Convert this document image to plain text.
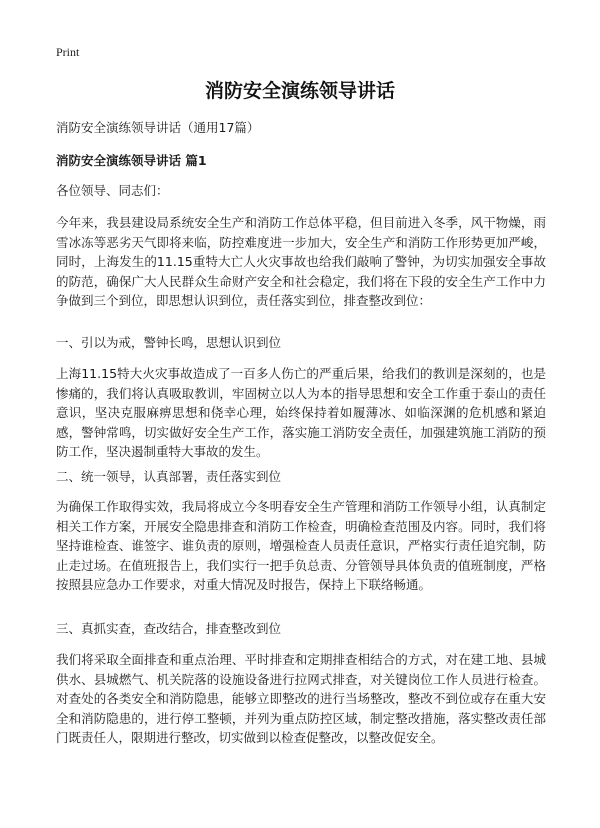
Print
消防安全演练领导讲话
消防安全演练领导讲话（通用17篇）
消防安全演练领导讲话 篇1
各位领导、同志们：

今年来，我县建设局系统安全生产和消防工作总体平稳，但目前进入冬季，风干物燥，雨雪冰冻等恶劣天气即将来临，防控难度进一步加大，安全生产和消防工作形势更加严峻，同时，上海发生的11.15重特大亡人火灾事故也给我们敲响了警钟，为切实加强安全事故的防范，确保广大人民群众生命财产安全和社会稳定，我们将在下段的安全生产工作中力争做到三个到位，即思想认识到位，责任落实到位，排查整改到位：

一、引以为戒，警钟长鸣，思想认识到位

上海11.15特大火灾事故造成了一百多人伤亡的严重后果，给我们的教训是深刻的，也是惨痛的，我们将认真吸取教训，牢固树立以人为本的指导思想和安全工作重于泰山的责任意识，坚决克服麻痹思想和侥幸心理，始终保持着如履薄冰、如临深渊的危机感和紧迫感，警钟常鸣，切实做好安全生产工作，落实施工消防安全责任，加强建筑施工消防的预防工作，坚决遏制重特大事故的发生。

二、统一领导，认真部署，责任落实到位

为确保工作取得实效，我局将成立今冬明春安全生产管理和消防工作领导小组，认真制定相关工作方案，开展安全隐患排查和消防工作检查，明确检查范围及内容。同时，我们将坚持谁检查、谁签字、谁负责的原则，增强检查人员责任意识，严格实行责任追究制，防止走过场。在值班报告上，我们实行一把手负总责、分管领导具体负责的值班制度，严格按照县应急办工作要求，对重大情况及时报告，保持上下联络畅通。

三、真抓实查，查改结合，排查整改到位

我们将采取全面排查和重点治理、平时排查和定期排查相结合的方式，对在建工地、县城供水、县城燃气、机关院落的设施设备进行拉网式排查，对关键岗位工作人员进行检查。对查处的各类安全和消防隐患，能够立即整改的进行当场整改，整改不到位或存在重大安全和消防隐患的，进行停工整顿，并列为重点防控区域，制定整改措施，落实整改责任部门既责任人，限期进行整改，切实做到以检查促整改，以整改促安全。
